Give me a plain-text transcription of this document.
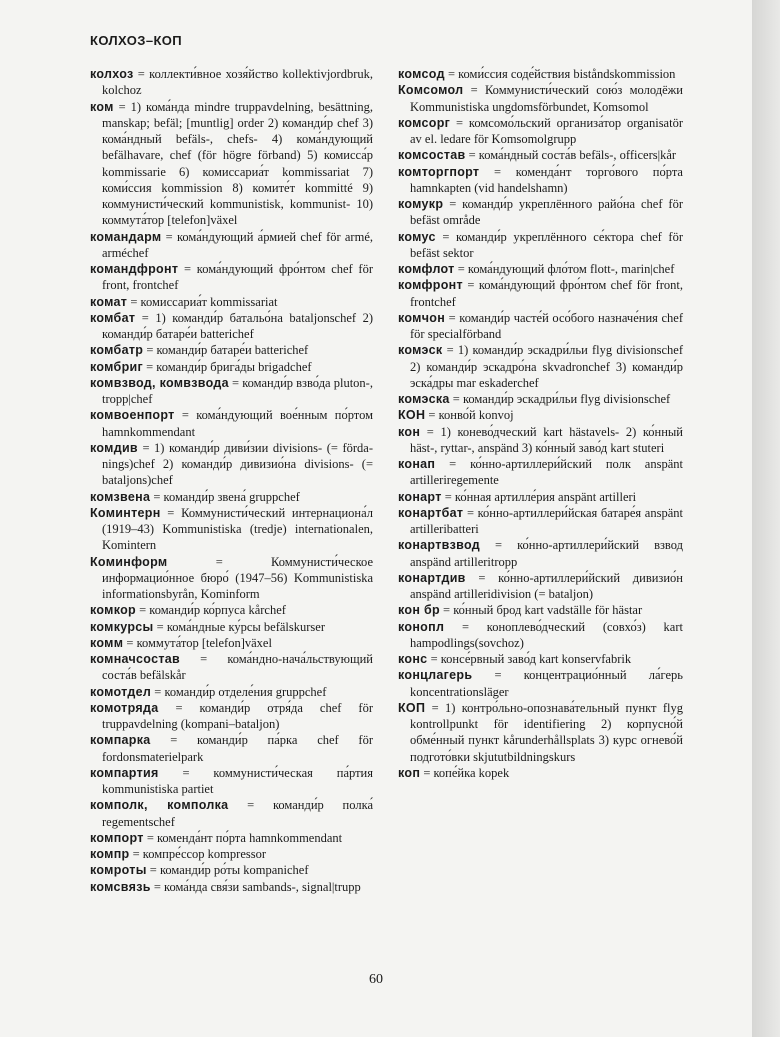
КОЛХОЗ–КОП
колхоз = коллекти́вное хозя́йство kollektivjordbruk, kolchoz
ком = 1) кома́нда mindre truppavdelning, besättning, manskap; befäl; [muntlig] order 2) команди́р chef 3) кома́ндный befäls-, chefs- 4) кома́ндующий befälhavare, chef (för högre förband) 5) комисса́р kommissarie 6) комиссариа́т kommissariat 7) коми́ссия kommission 8) комите́т kommitté 9) коммунисти́ческий kommunistisk, kommunist- 10) коммута́тор [telefon]växel
командарм = кома́ндующий а́рмией chef för armé, arméchef
командфронт = кома́ндующий фро́нтом chef för front, frontchef
комат = комиссариа́т kommissariat
комбат = 1) команди́р батальо́на bataljonschef 2) команди́р батаре́и batterichef
комбатр = команди́р батаре́и batterichef
комбриг = команди́р брига́ды brigadchef
комвзвод, комвзвода = команди́р взво́да pluton-, tropp|chef
комвоенпорт = кома́ндующий вое́нным по́ртом hamnkommendant
комдив = 1) команди́р диви́зии divisions- (= fördanings)chef 2) команди́р дивизио́на divisions- (= bataljons)chef
комзвена = команди́р звена́ gruppchef
Коминтерн = Коммунисти́ческий интернациона́л (1919–43) Kommunistiska (tredje) internationalen, Komintern
Коминформ = Коммунисти́ческое информацио́нное бюро́ (1947–56) Kommunistiska informationsbyrån, Kominform
комкор = команди́р ко́рпуса kårchef
комкурсы = кома́ндные ку́рсы befälskurser
комм = коммута́тор [telefon]växel
комначсостав = кома́ндно-нача́льствующий соста́в befälskår
комотдел = команди́р отделе́ния gruppchef
комотряда = команди́р отря́да chef för truppavdelning (kompani–bataljon)
компарка = команди́р па́рка chef för fordonsmaterielpark
компартия = коммунисти́ческая па́ртия kommunistiska partiet
комполк, комполка = команди́р полка́ regementschef
компорт = коменда́нт по́рта hamnkommendant
компр = компре́ссор kompressor
комроты = команди́р ро́ты kompanichef
комсвязь = кома́нда свя́зи sambands-, signal|trupp
комсод = коми́ссия соде́йствия biståndskommission
Комсомол = Коммунисти́ческий сою́з молодёжи Kommunistiska ungdomsförbundet, Komsomol
комсорг = комсомо́льский организа́тор organisatör av el. ledare för Komsomolgrupp
комсостав = кома́ндный соста́в befäls-, officers|kår
комторгпорт = коменда́нт торго́вого по́рта hamnkapten (vid handelshamn)
комукр = команди́р укреплённого райо́на chef för befäst område
комус = команди́р укреплённого се́ктора chef för befäst sektor
комфлот = кома́ндующий фло́том flott-, marin|chef
комфронт = кома́ндующий фро́нтом chef för front, frontchef
комчон = команди́р часте́й осо́бого назначе́ния chef för specialförband
комэск = 1) команди́р эскадри́льи flyg divisionschef 2) команди́р эскадро́на skvadronchef 3) команди́р эска́дры mar eskaderchef
комэска = команди́р эскадри́льи flyg divisionschef
КОН = конво́й konvoj
кон = 1) конево́дческий kart hästavels- 2) ко́нный häst-, ryttar-, anspänd 3) ко́нный заво́д kart stuteri
конап = ко́нно-артиллери́йский полк anspänt artilleriregemente
конарт = ко́нная артилле́рия anspänt artilleri
конартбат = ко́нно-артиллери́йская батаре́я anspänt artilleribatteri
конартвзвод = ко́нно-артиллери́йский взвод anspänd artilleritropp
конартдив = ко́нно-артиллери́йский дивизио́н anspänd artilleridivision (= bataljon)
кон бр = ко́нный брод kart vadställe för hästar
конопл = коноплево́дческий (совхо́з) kart hampodlings(sovchoz)
конс = консе́рвный заво́д kart konservfabrik
концлагерь = концентрацио́нный ла́герь koncentrationsläger
КОП = 1) контро́льно-опознава́тельный пункт flyg kontrollpunkt för identifiering 2) корпусно́й обме́нный пункт kårunderhållsplats 3) курс огнево́й подгото́вки skjututbildningskurs
коп = копе́йка kopek
60
